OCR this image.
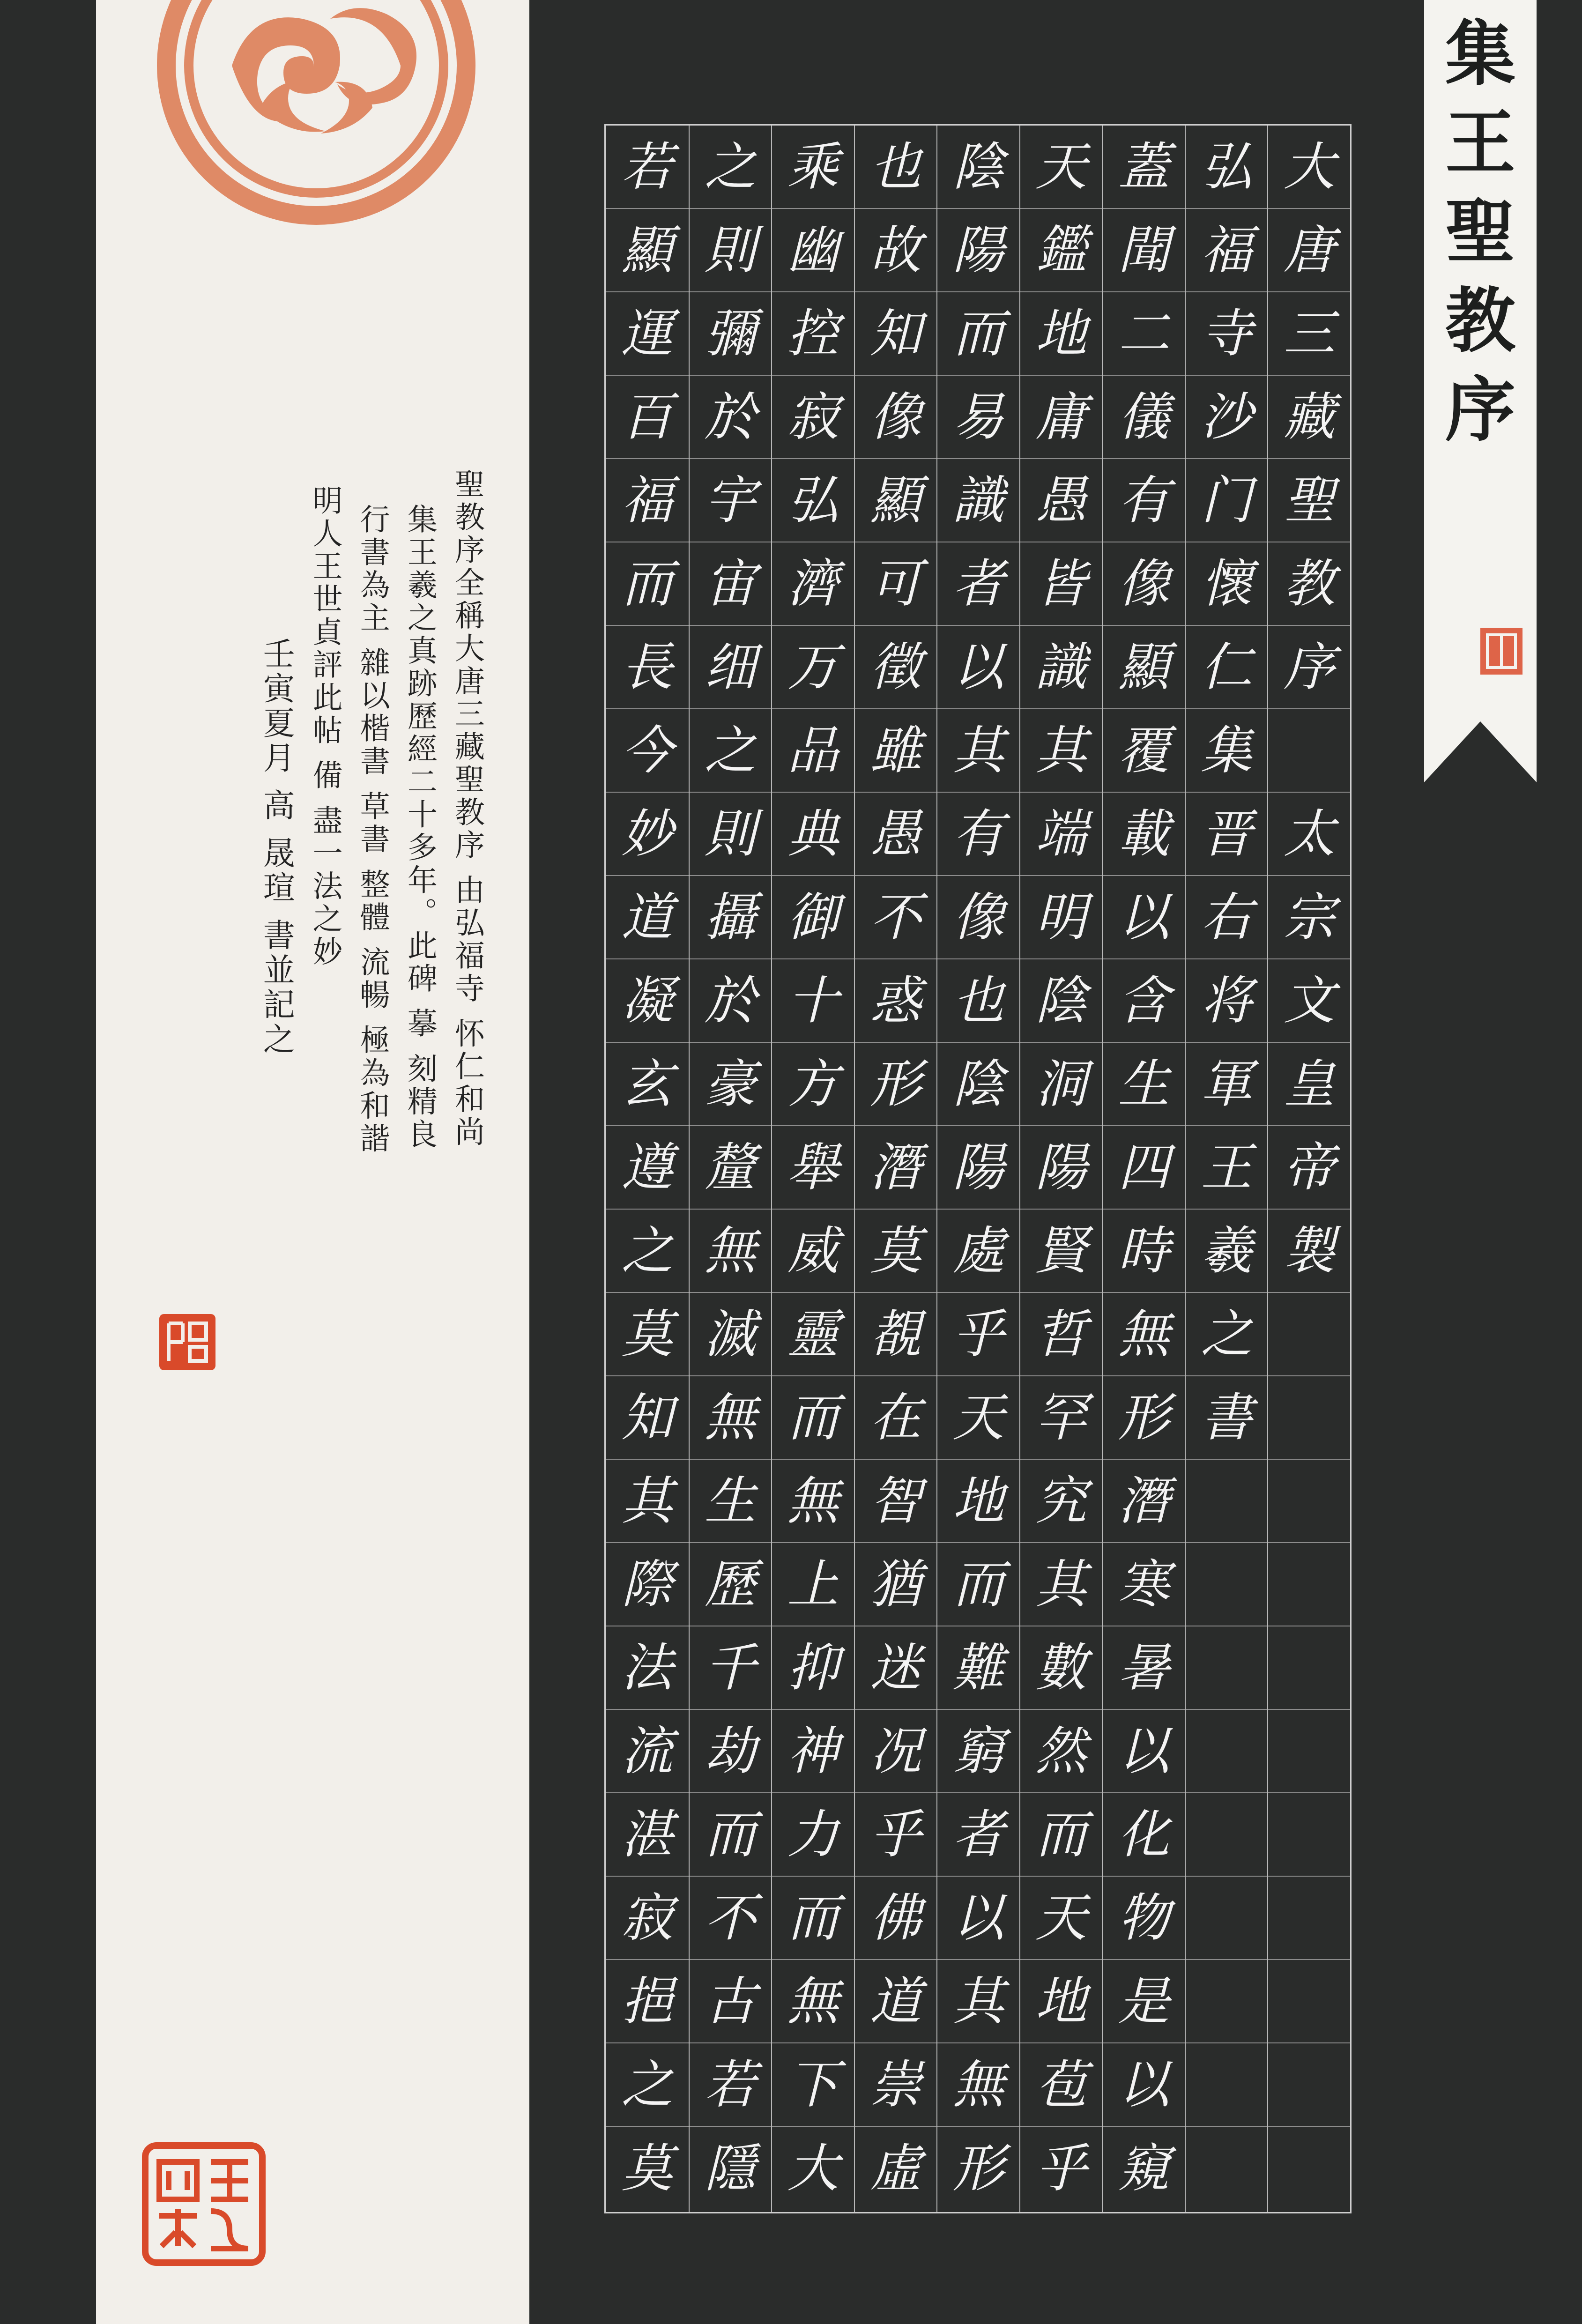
聖教序全稱大唐三藏聖教序 由弘福寺 怀仁和尚
集王羲之真跡歷經二十多年。此碑 摹 刻精良
行書為主 雜以楷書 草書 整體 流暢 極為和諧
明人王世貞評此帖 備 盡一法之妙
壬寅夏月 高 晟瑄 書並記之
集
王
聖
教
序
大
唐
三
藏
聖
教
序
太
宗
文
皇
帝
製
弘
福
寺
沙
门
懷
仁
集
晋
右
将
軍
王
羲
之
書
蓋
聞
二
儀
有
像
顯
覆
載
以
含
生
四
時
無
形
潛
寒
暑
以
化
物
是
以
窺
天
鑑
地
庸
愚
皆
識
其
端
明
陰
洞
陽
賢
哲
罕
究
其
數
然
而
天
地
苞
乎
陰
陽
而
易
識
者
以
其
有
像
也
陰
陽
處
乎
天
地
而
難
窮
者
以
其
無
形
也
故
知
像
顯
可
徵
雖
愚
不
惑
形
潛
莫
覩
在
智
猶
迷
况
乎
佛
道
崇
虛
乘
幽
控
寂
弘
濟
万
品
典
御
十
方
舉
威
靈
而
無
上
抑
神
力
而
無
下
大
之
則
彌
於
宇
宙
细
之
則
攝
於
豪
釐
無
滅
無
生
歷
千
劫
而
不
古
若
隱
若
顯
運
百
福
而
長
今
妙
道
凝
玄
遵
之
莫
知
其
際
法
流
湛
寂
挹
之
莫
